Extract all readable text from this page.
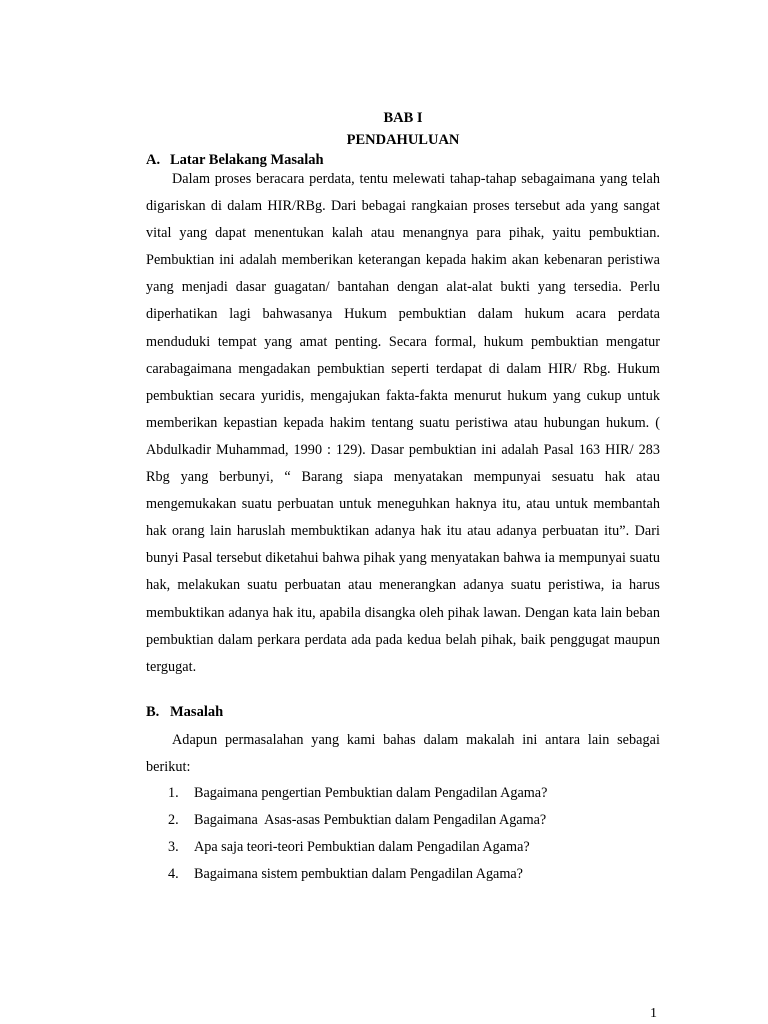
BAB I
PENDAHULUAN
A. Latar Belakang Masalah

Dalam proses beracara perdata, tentu melewati tahap-tahap sebagaimana yang telah digariskan di dalam HIR/RBg. Dari bebagai rangkaian proses tersebut ada yang sangat vital yang dapat menentukan kalah atau menangnya para pihak, yaitu pembuktian. Pembuktian ini adalah memberikan keterangan kepada hakim akan kebenaran peristiwa yang menjadi dasar guagatan/ bantahan dengan alat-alat bukti yang tersedia. Perlu diperhatikan lagi bahwasanya Hukum pembuktian dalam hukum acara perdata menduduki tempat yang amat penting. Secara formal, hukum pembuktian mengatur carabagaimana mengadakan pembuktian seperti terdapat di dalam HIR/ Rbg. Hukum pembuktian secara yuridis, mengajukan fakta-fakta menurut hukum yang cukup untuk memberikan kepastian kepada hakim tentang suatu peristiwa atau hubungan hukum. ( Abdulkadir Muhammad, 1990 : 129). Dasar pembuktian ini adalah Pasal 163 HIR/ 283 Rbg yang berbunyi, “ Barang siapa menyatakan mempunyai sesuatu hak atau mengemukakan suatu perbuatan untuk meneguhkan haknya itu, atau untuk membantah hak orang lain haruslah membuktikan adanya hak itu atau adanya perbuatan itu”. Dari bunyi Pasal tersebut diketahui bahwa pihak yang menyatakan bahwa ia mempunyai suatu hak, melakukan suatu perbuatan atau menerangkan adanya suatu peristiwa, ia harus membuktikan adanya hak itu, apabila disangka oleh pihak lawan. Dengan kata lain beban pembuktian dalam perkara perdata ada pada kedua belah pihak, baik penggugat maupun tergugat.

B. Masalah

Adapun permasalahan yang kami bahas dalam makalah ini antara lain sebagai berikut:

1.	Bagaimana pengertian Pembuktian dalam Pengadilan Agama?
2.	Bagaimana  Asas-asas Pembuktian dalam Pengadilan Agama?
3.	Apa saja teori-teori Pembuktian dalam Pengadilan Agama?
4.	Bagaimana sistem pembuktian dalam Pengadilan Agama?
1
